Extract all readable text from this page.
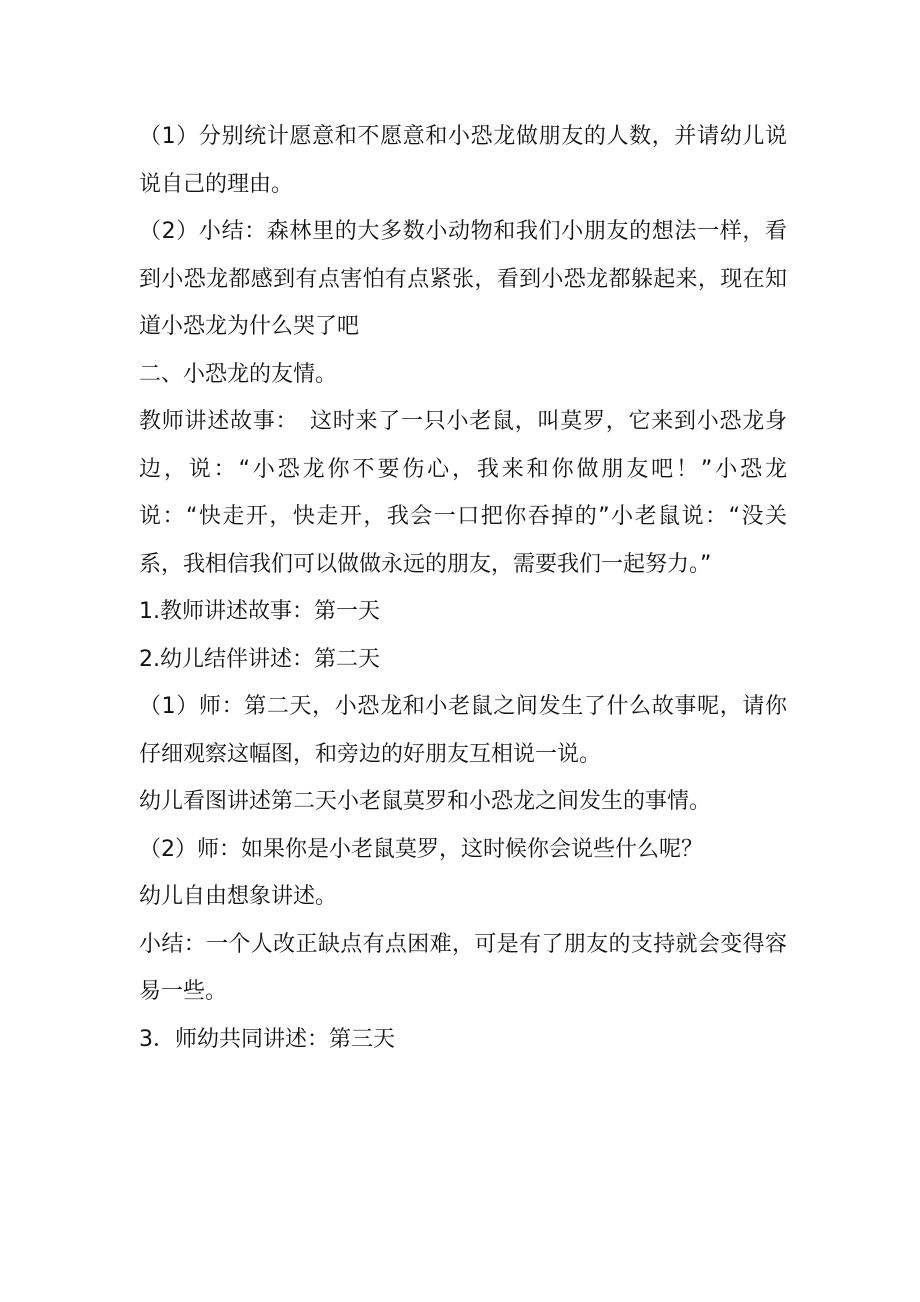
（1）分别统计愿意和不愿意和小恐龙做朋友的人数，并请幼儿说说自己的理由。

（2）小结：森林里的大多数小动物和我们小朋友的想法一样，看到小恐龙都感到有点害怕有点紧张，看到小恐龙都躲起来，现在知道小恐龙为什么哭了吧

二、小恐龙的友情。

教师讲述故事：　这时来了一只小老鼠，叫莫罗，它来到小恐龙身边，说：“小恐龙你不要伤心，我来和你做朋友吧！”小恐龙说：“快走开，快走开，我会一口把你吞掉的”小老鼠说：“没关系，我相信我们可以做做永远的朋友，需要我们一起努力。”

1.教师讲述故事：第一天

2.幼儿结伴讲述：第二天

（1）师：第二天，小恐龙和小老鼠之间发生了什么故事呢，请你仔细观察这幅图，和旁边的好朋友互相说一说。

幼儿看图讲述第二天小老鼠莫罗和小恐龙之间发生的事情。

（2）师：如果你是小老鼠莫罗，这时候你会说些什么呢？

幼儿自由想象讲述。

小结：一个人改正缺点有点困难，可是有了朋友的支持就会变得容易一些。

3．师幼共同讲述：第三天
